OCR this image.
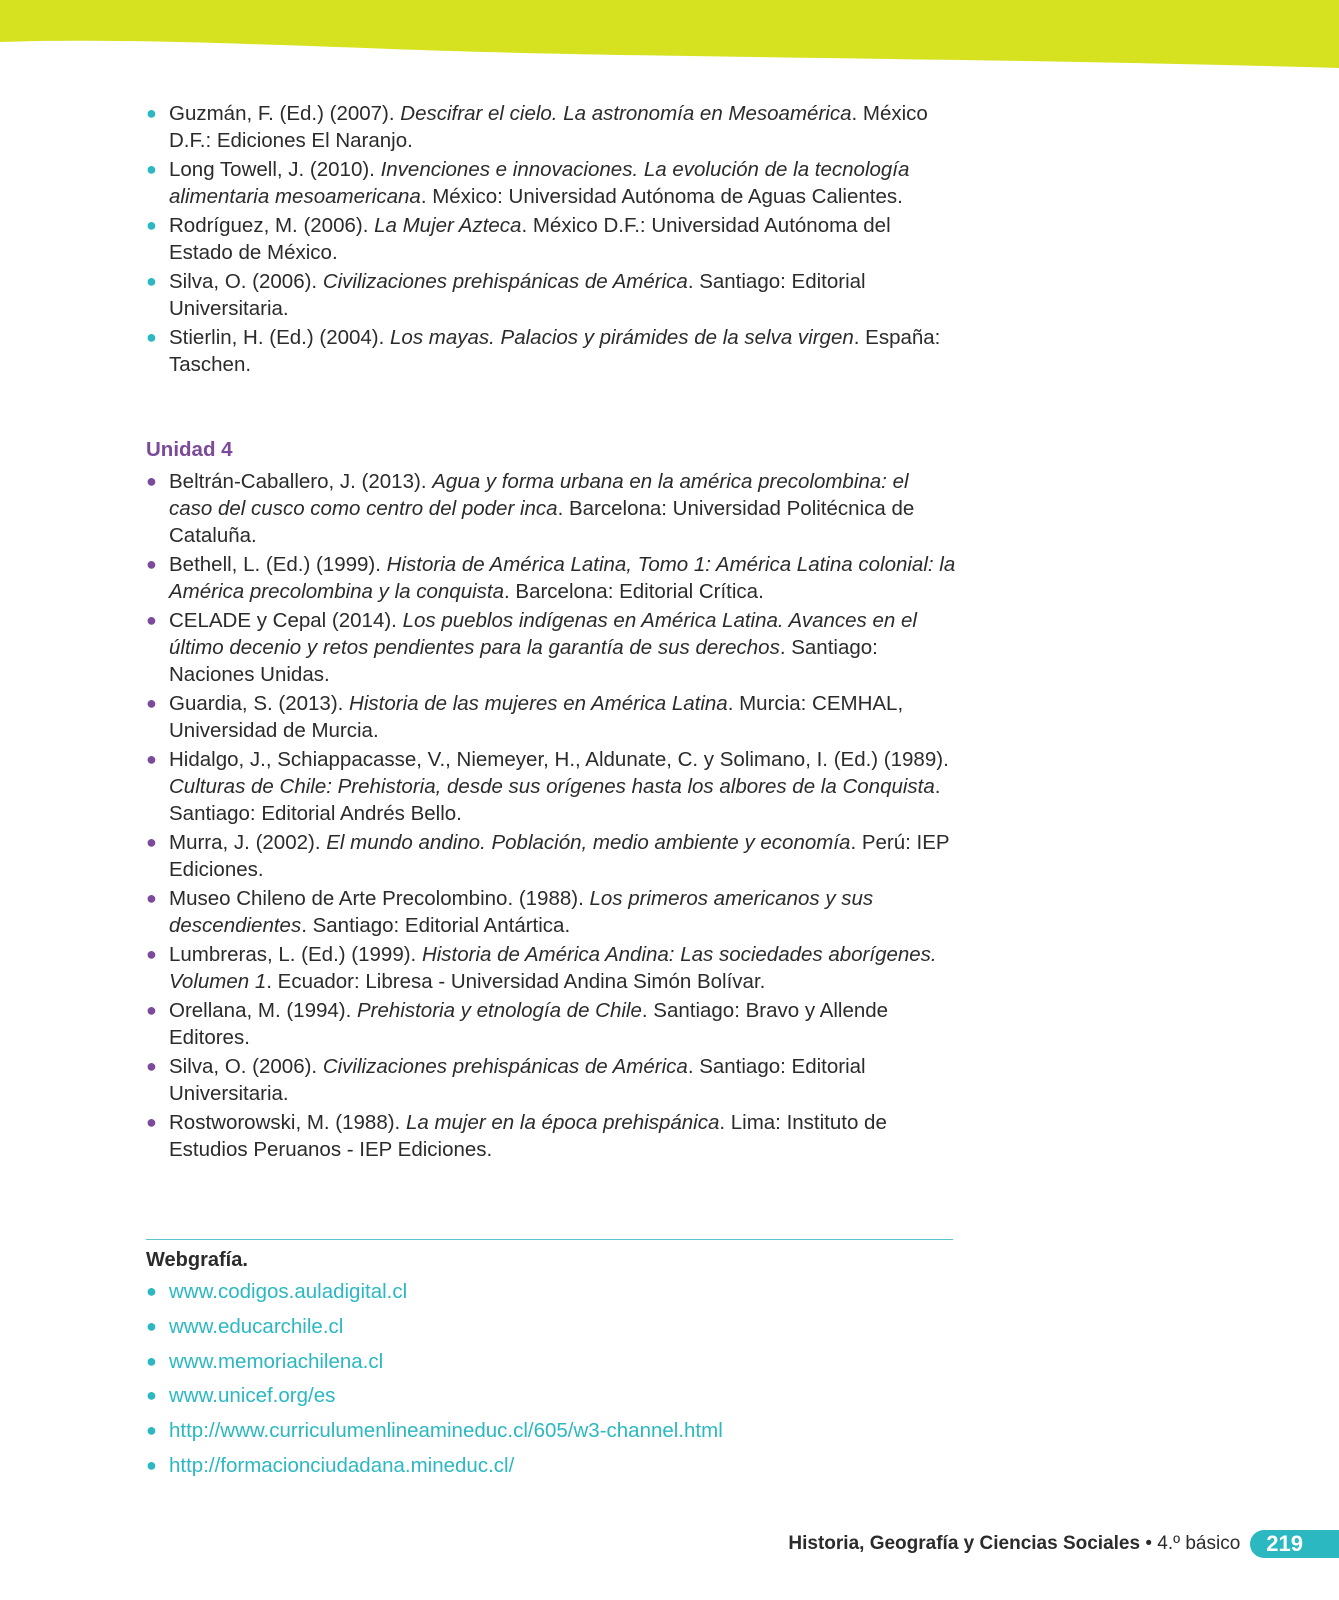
● Guzmán, F. (Ed.) (2007). Descifrar el cielo. La astronomía en Mesoamérica. México D.F.: Ediciones El Naranjo.
● Long Towell, J. (2010). Invenciones e innovaciones. La evolución de la tecnología alimentaria mesoamericana. México: Universidad Autónoma de Aguas Calientes.
● Rodríguez, M. (2006). La Mujer Azteca. México D.F.: Universidad Autónoma del Estado de México.
● Silva, O. (2006). Civilizaciones prehispánicas de América. Santiago: Editorial Universitaria.
● Stierlin, H. (Ed.) (2004). Los mayas. Palacios y pirámides de la selva virgen. España: Taschen.
Unidad 4
● Beltrán-Caballero, J. (2013). Agua y forma urbana en la américa precolombina: el caso del cusco como centro del poder inca. Barcelona: Universidad Politécnica de Cataluña.
● Bethell, L. (Ed.) (1999). Historia de América Latina, Tomo 1: América Latina colonial: la América precolombina y la conquista. Barcelona: Editorial Crítica.
● CELADE y Cepal (2014). Los pueblos indígenas en América Latina. Avances en el último decenio y retos pendientes para la garantía de sus derechos. Santiago: Naciones Unidas.
● Guardia, S. (2013). Historia de las mujeres en América Latina. Murcia: CEMHAL, Universidad de Murcia.
● Hidalgo, J., Schiappacasse, V., Niemeyer, H., Aldunate, C. y Solimano, I. (Ed.) (1989). Culturas de Chile: Prehistoria, desde sus orígenes hasta los albores de la Conquista. Santiago: Editorial Andrés Bello.
● Murra, J. (2002). El mundo andino. Población, medio ambiente y economía. Perú: IEP Ediciones.
● Museo Chileno de Arte Precolombino. (1988). Los primeros americanos y sus descendientes. Santiago: Editorial Antártica.
● Lumbreras, L. (Ed.) (1999). Historia de América Andina: Las sociedades aborígenes. Volumen 1. Ecuador: Libresa - Universidad Andina Simón Bolívar.
● Orellana, M. (1994). Prehistoria y etnología de Chile. Santiago: Bravo y Allende Editores.
● Silva, O. (2006). Civilizaciones prehispánicas de América. Santiago: Editorial Universitaria.
● Rostworowski, M. (1988). La mujer en la época prehispánica. Lima: Instituto de Estudios Peruanos - IEP Ediciones.
Webgrafía.
● www.codigos.auladigital.cl
● www.educarchile.cl
● www.memoriachilena.cl
● www.unicef.org/es
● http://www.curriculumenlineamineduc.cl/605/w3-channel.html
● http://formacionciudadana.mineduc.cl/
Historia, Geografía y Ciencias Sociales • 4.º básico	219
